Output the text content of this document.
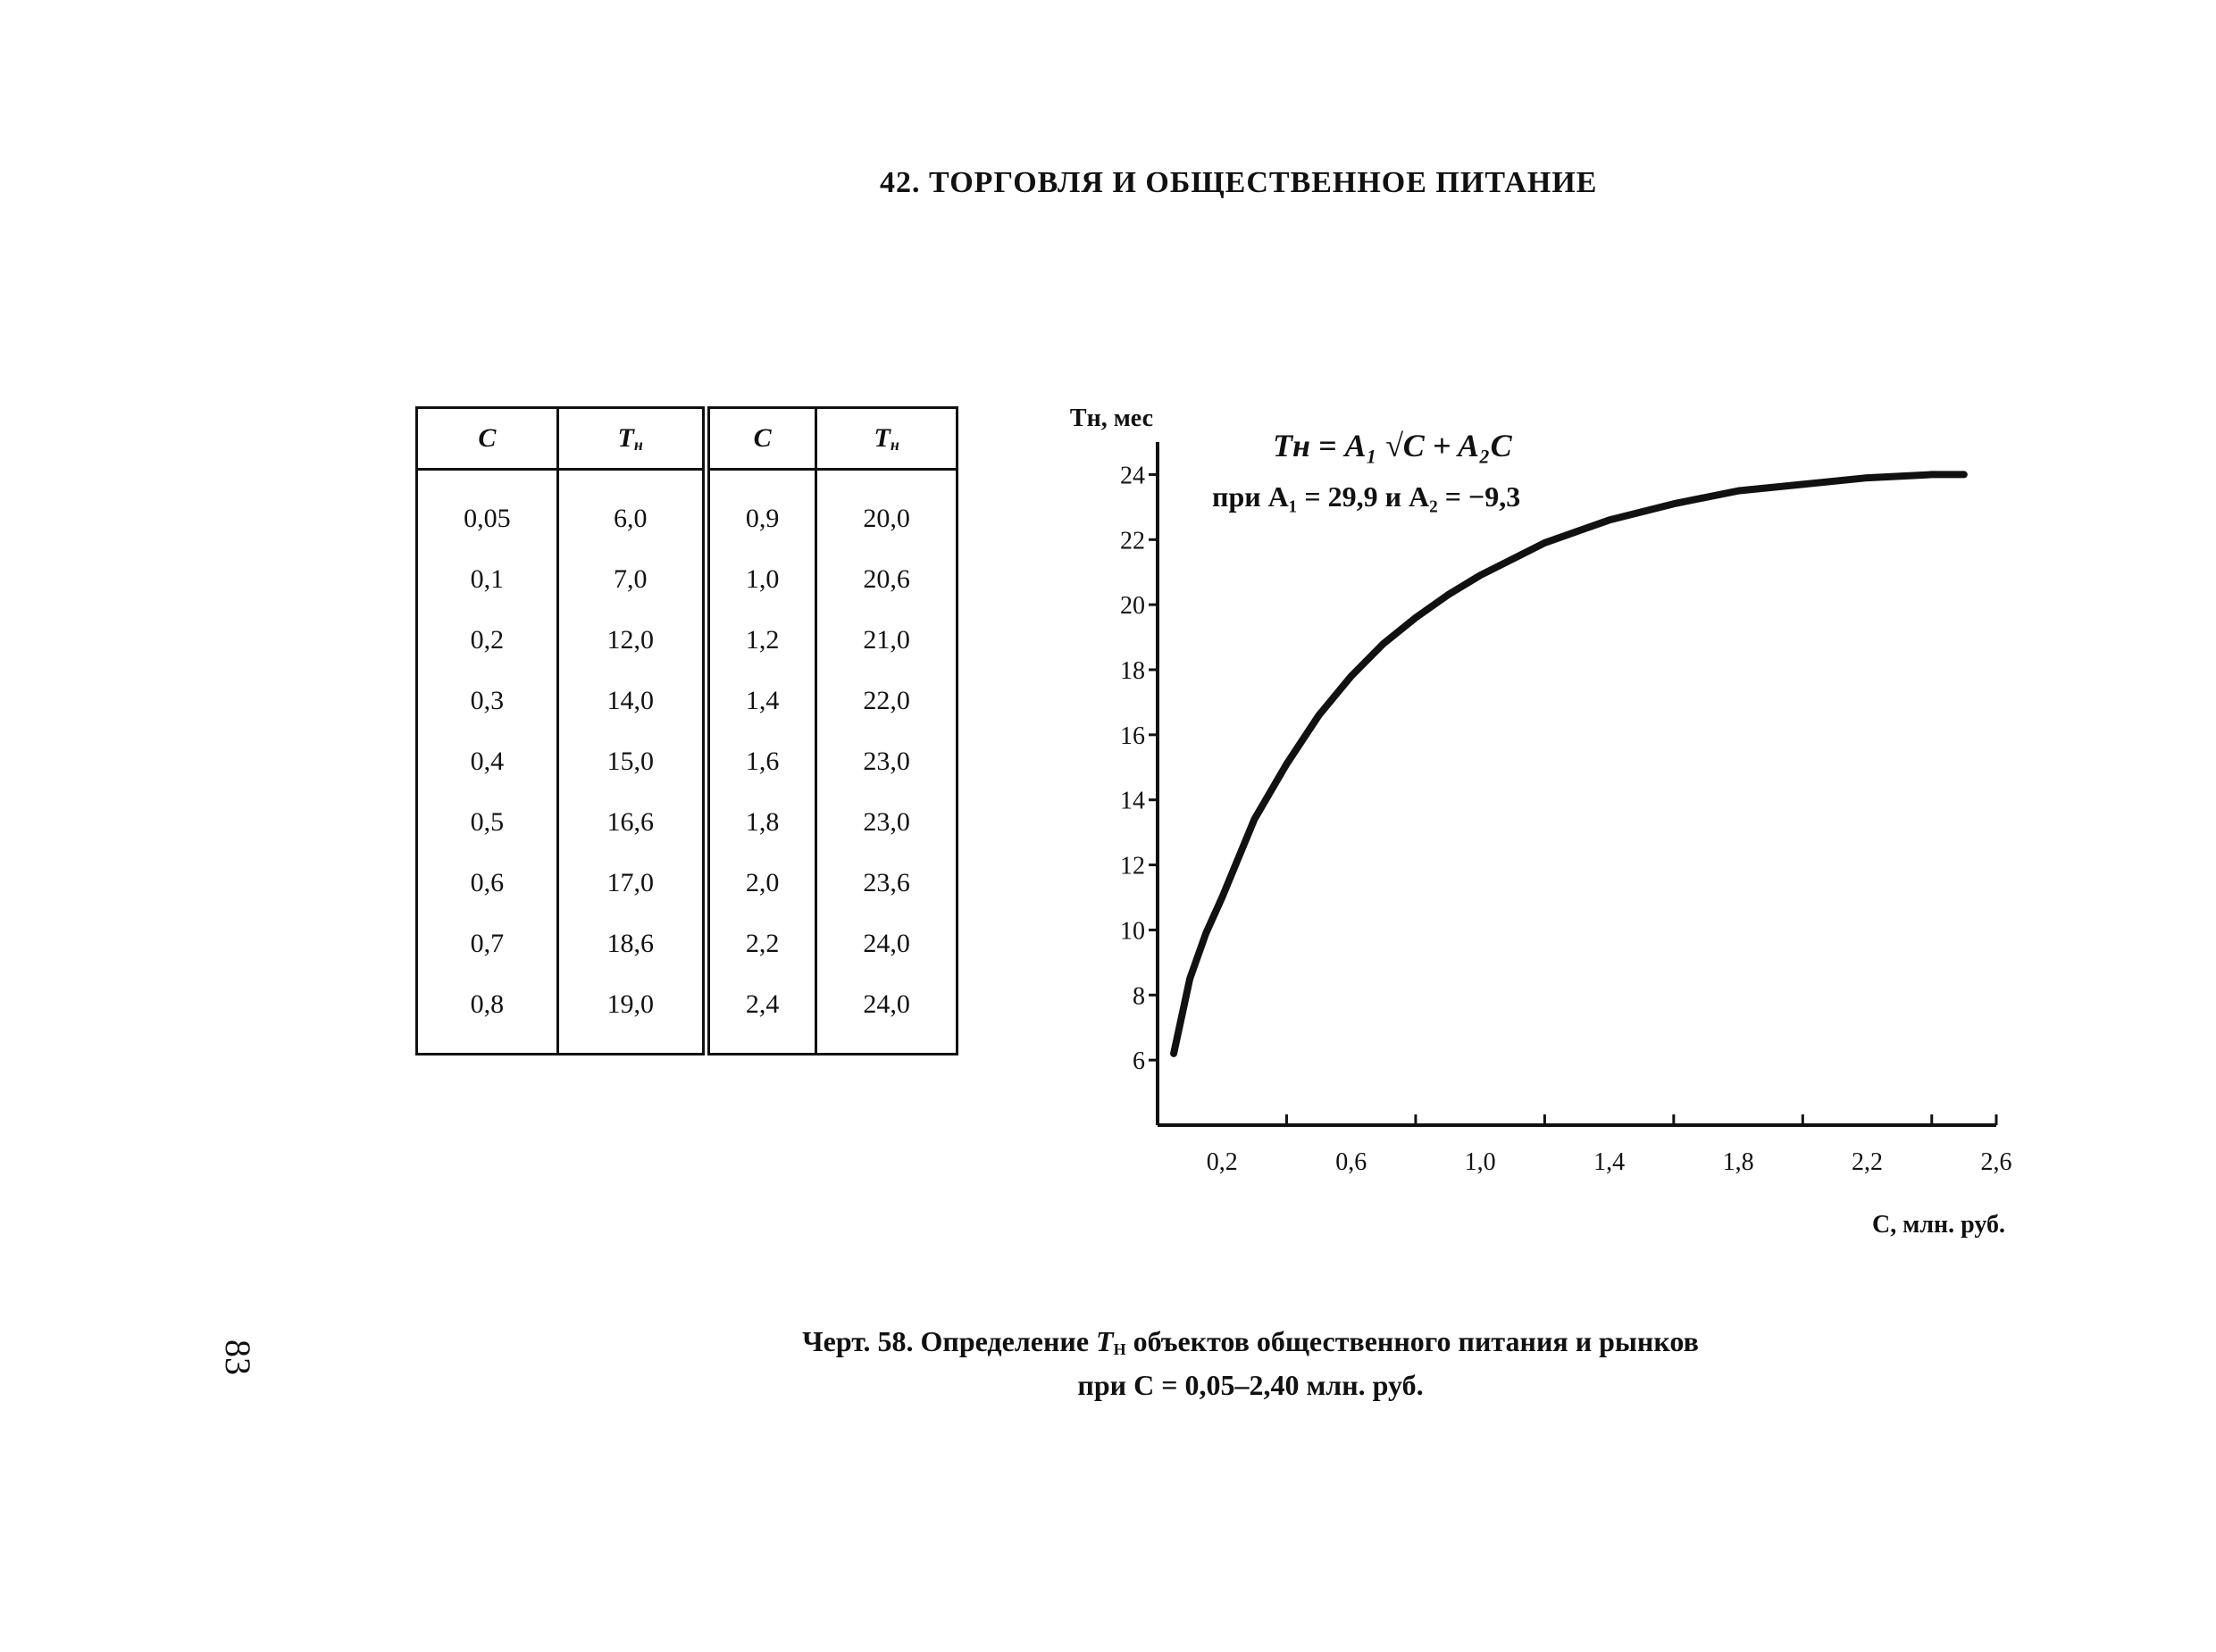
42. ТОРГОВЛЯ И ОБЩЕСТВЕННОЕ ПИТАНИЕ
C	$T_н$	C	$T_н$
0,05	6,0	0,9	20,0
0,1	7,0	1,0	20,6
0,2	12,0	1,2	21,0
0,3	14,0	1,4	22,0
0,4	15,0	1,6	23,0
0,5	16,6	1,8	23,0
0,6	17,0	2,0	23,6
0,7	18,6	2,2	24,0
0,8	19,0	2,4	24,0
Tн, мес
C, млн. руб.
6
8
10
12
14
16
18
20
22
24
0,2	0,6	1,0	1,4	1,8	2,2	2,6
Tн = A₁ √C + A₂C
при A₁ = 29,9 и A₂ = −9,3
83	Черт. 58. Определение $T_Н$ объектов общественного питания и рынков
при C = 0,05–2,40 млн. руб.
